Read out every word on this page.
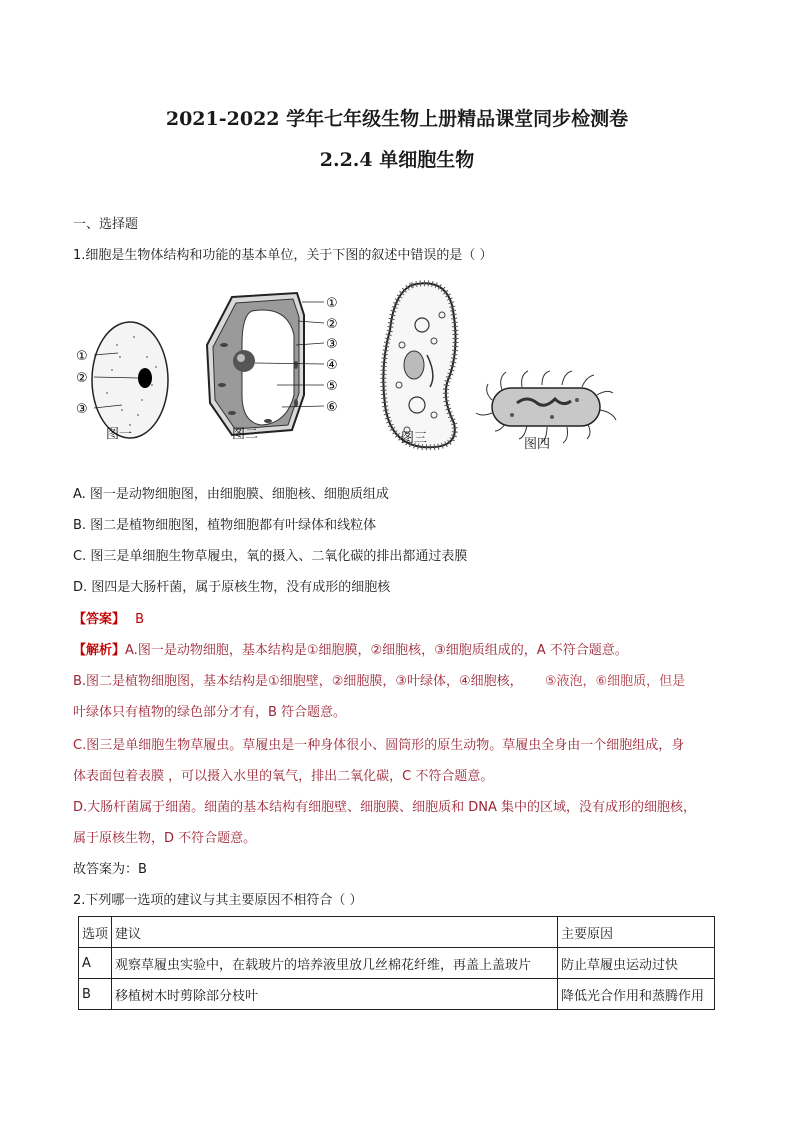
2021-2022 学年七年级生物上册精品课堂同步检测卷
2.2.4 单细胞生物
一、选择题
1.细胞是生物体结构和功能的基本单位，关于下图的叙述中错误的是（ ）
①
②
③
①
②
③
④
⑤
⑥
图一	图二	图三	图四
A. 图一是动物细胞图，由细胞膜、细胞核、细胞质组成
B. 图二是植物细胞图，植物细胞都有叶绿体和线粒体
C. 图三是单细胞生物草履虫，氧的摄入、二氧化碳的排出都通过表膜
D. 图四是大肠杆菌，属于原核生物，没有成形的细胞核
【答案】 B
【解析】A.图一是动物细胞，基本结构是①细胞膜，②细胞核，③细胞质组成的，A 不符合题意。
B.图二是植物细胞图，基本结构是①细胞壁，②细胞膜，③叶绿体，④细胞核， ⑤液泡，⑥细胞质，但是
叶绿体只有植物的绿色部分才有，B 符合题意。
C.图三是单细胞生物草履虫。草履虫是一种身体很小、圆筒形的原生动物。草履虫全身由一个细胞组成，身
体表面包着表膜 ，可以摄入水里的氧气，排出二氧化碳，C 不符合题意。
D.大肠杆菌属于细菌。细菌的基本结构有细胞壁、细胞膜、细胞质和 DNA 集中的区域，没有成形的细胞核，
属于原核生物，D 不符合题意。
故答案为：B
2.下列哪一选项的建议与其主要原因不相符合（ ）
选项	建议	主要原因
A	观察草履虫实验中，在载玻片的培养液里放几丝棉花纤维，再盖上盖玻片	防止草履虫运动过快
B	移植树木时剪除部分枝叶	降低光合作用和蒸腾作用
